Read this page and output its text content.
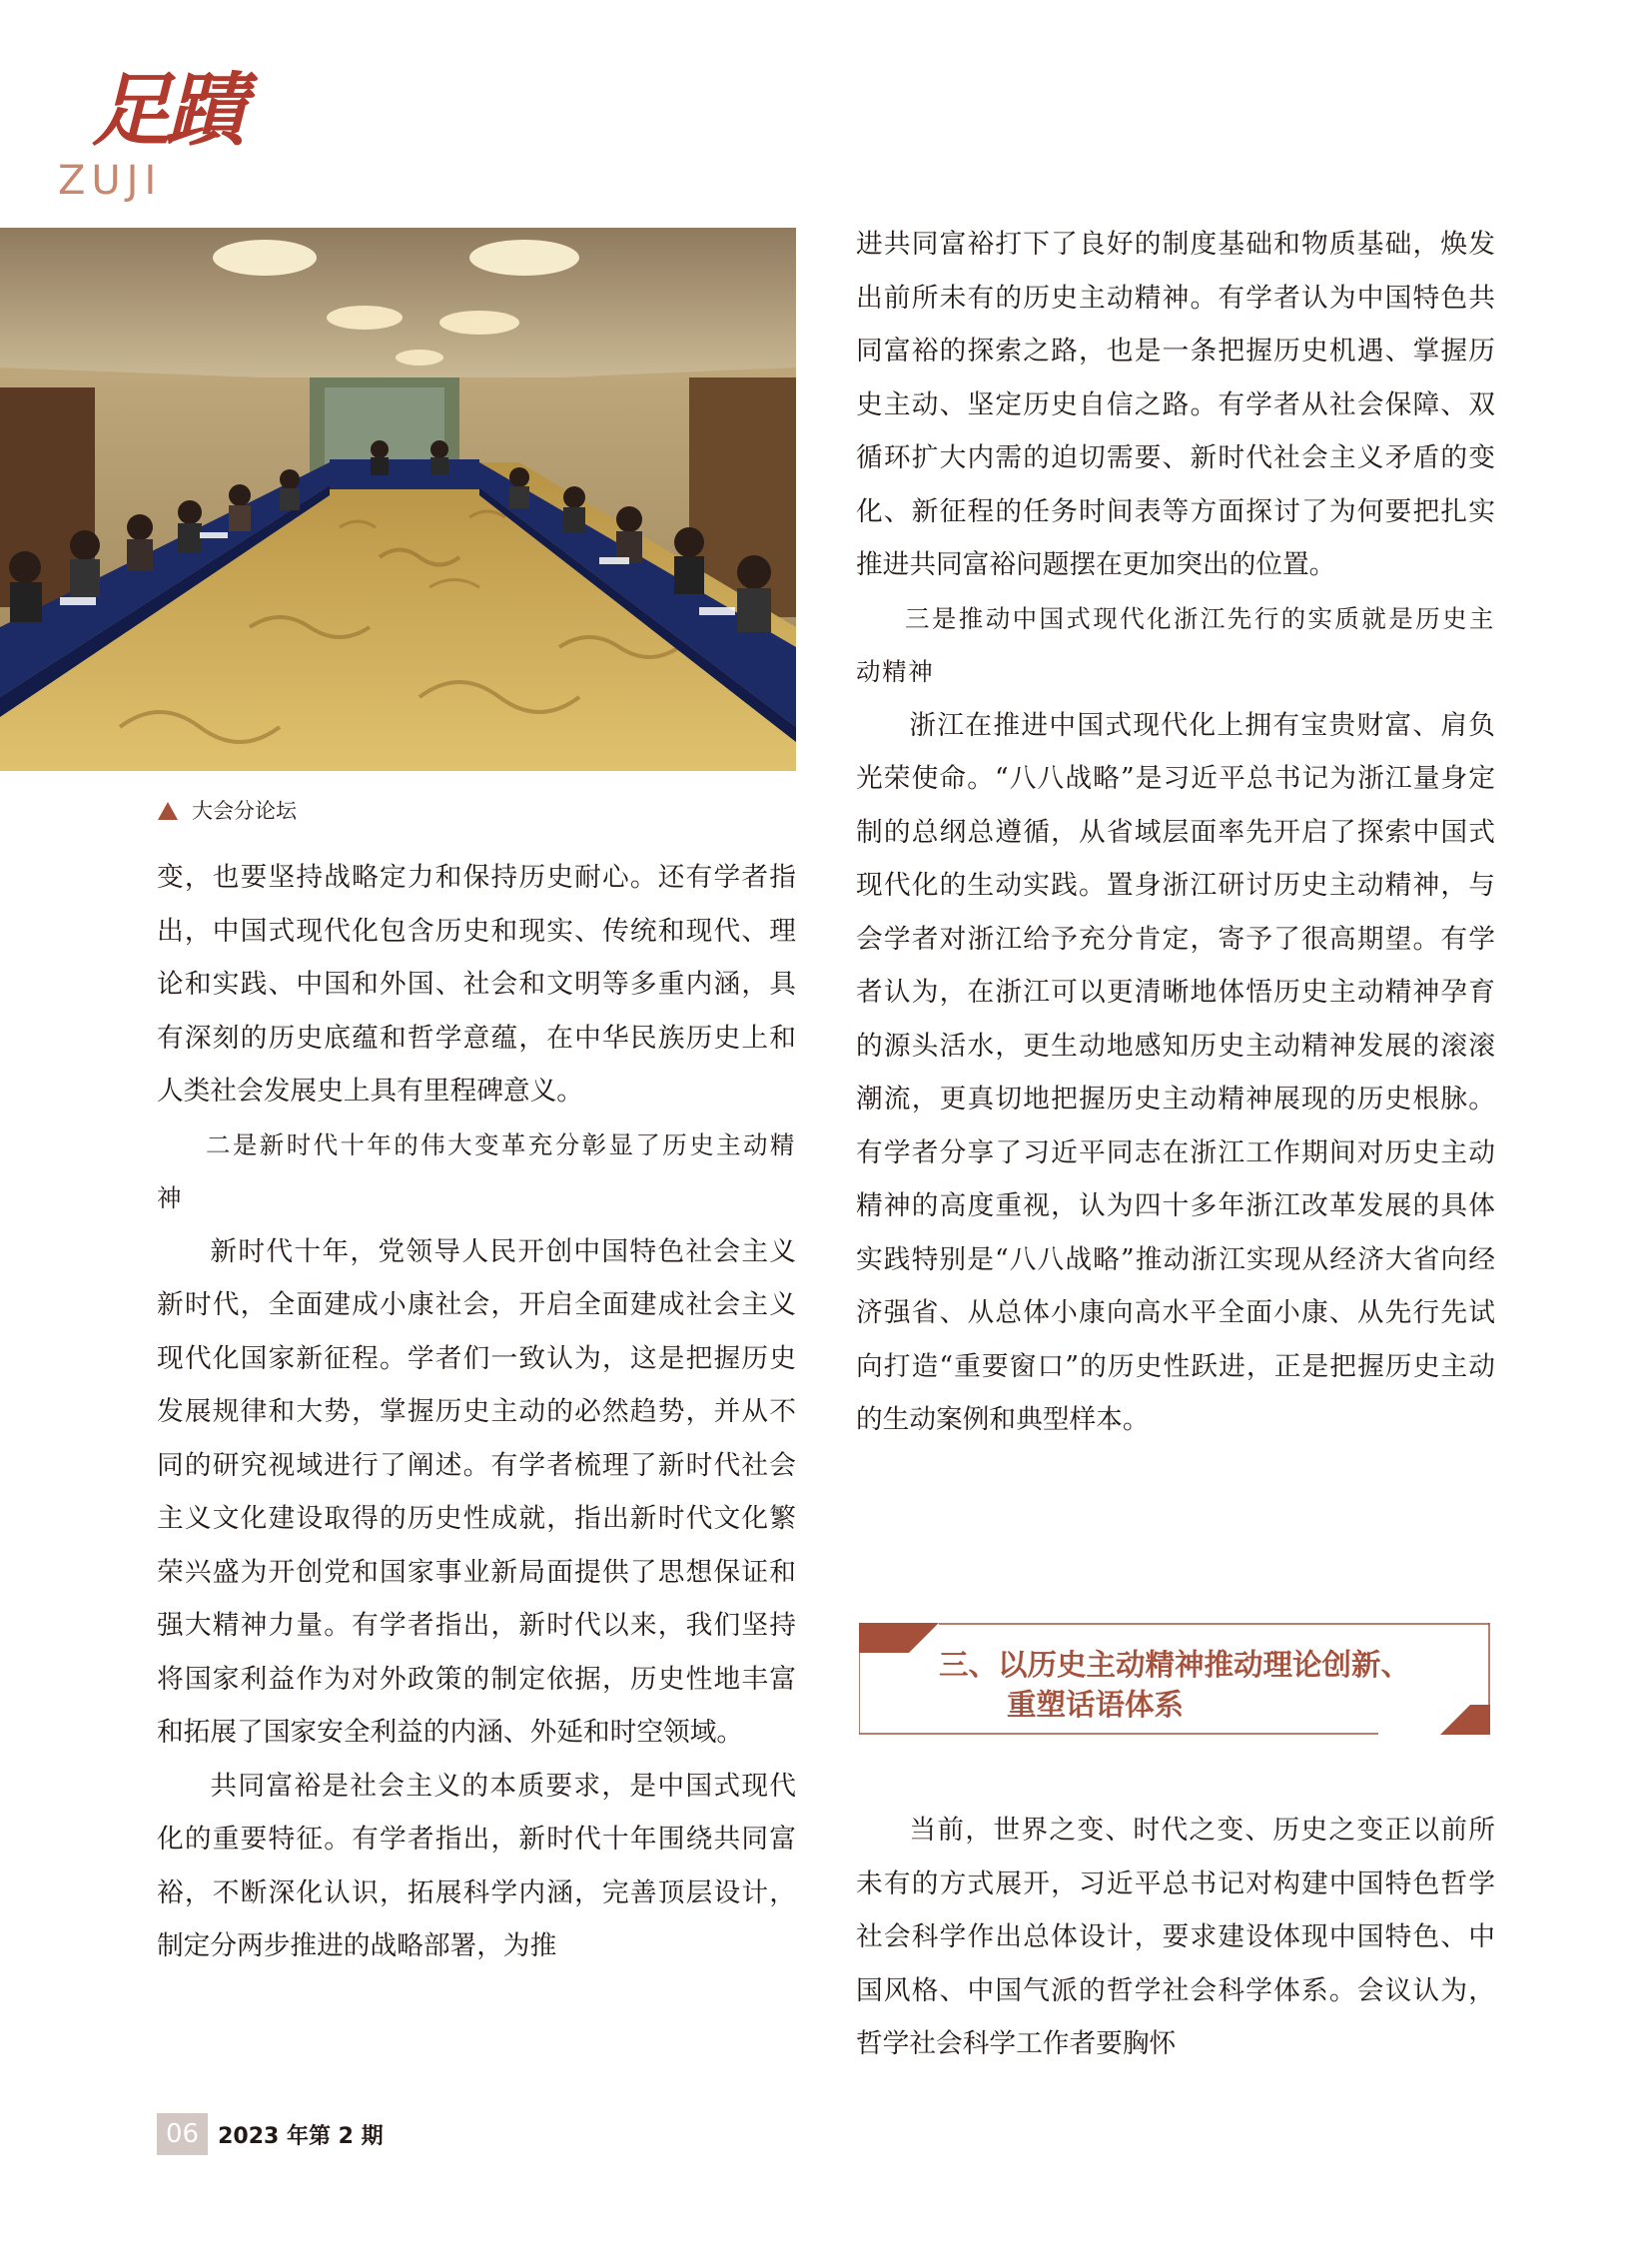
足蹟
ZUJI
大会分论坛

变，也要坚持战略定力和保持历史耐心。还有学者指出，中国式现代化包含历史和现实、传统和现代、理论和实践、中国和外国、社会和文明等多重内涵，具有深刻的历史底蕴和哲学意蕴，在中华民族历史上和人类社会发展史上具有里程碑意义。

二是新时代十年的伟大变革充分彰显了历史主动精神

新时代十年，党领导人民开创中国特色社会主义新时代，全面建成小康社会，开启全面建成社会主义现代化国家新征程。学者们一致认为，这是把握历史发展规律和大势，掌握历史主动的必然趋势，并从不同的研究视域进行了阐述。有学者梳理了新时代社会主义文化建设取得的历史性成就，指出新时代文化繁荣兴盛为开创党和国家事业新局面提供了思想保证和强大精神力量。有学者指出，新时代以来，我们坚持将国家利益作为对外政策的制定依据，历史性地丰富和拓展了国家安全利益的内涵、外延和时空领域。

共同富裕是社会主义的本质要求，是中国式现代化的重要特征。有学者指出，新时代十年围绕共同富裕，不断深化认识，拓展科学内涵，完善顶层设计，制定分两步推进的战略部署，为推

进共同富裕打下了良好的制度基础和物质基础，焕发出前所未有的历史主动精神。有学者认为中国特色共同富裕的探索之路，也是一条把握历史机遇、掌握历史主动、坚定历史自信之路。有学者从社会保障、双循环扩大内需的迫切需要、新时代社会主义矛盾的变化、新征程的任务时间表等方面探讨了为何要把扎实推进共同富裕问题摆在更加突出的位置。

三是推动中国式现代化浙江先行的实质就是历史主动精神

浙江在推进中国式现代化上拥有宝贵财富、肩负光荣使命。“八八战略”是习近平总书记为浙江量身定制的总纲总遵循，从省域层面率先开启了探索中国式现代化的生动实践。置身浙江研讨历史主动精神，与会学者对浙江给予充分肯定，寄予了很高期望。有学者认为，在浙江可以更清晰地体悟历史主动精神孕育的源头活水，更生动地感知历史主动精神发展的滚滚潮流，更真切地把握历史主动精神展现的历史根脉。有学者分享了习近平同志在浙江工作期间对历史主动精神的高度重视，认为四十多年浙江改革发展的具体实践特别是“八八战略”推动浙江实现从经济大省向经济强省、从总体小康向高水平全面小康、从先行先试向打造“重要窗口”的历史性跃进，正是把握历史主动的生动案例和典型样本。

三、以历史主动精神推动理论创新、
重塑话语体系

当前，世界之变、时代之变、历史之变正以前所未有的方式展开，习近平总书记对构建中国特色哲学社会科学作出总体设计，要求建设体现中国特色、中国风格、中国气派的哲学社会科学体系。会议认为，哲学社会科学工作者要胸怀

06 2023 年第 2 期
